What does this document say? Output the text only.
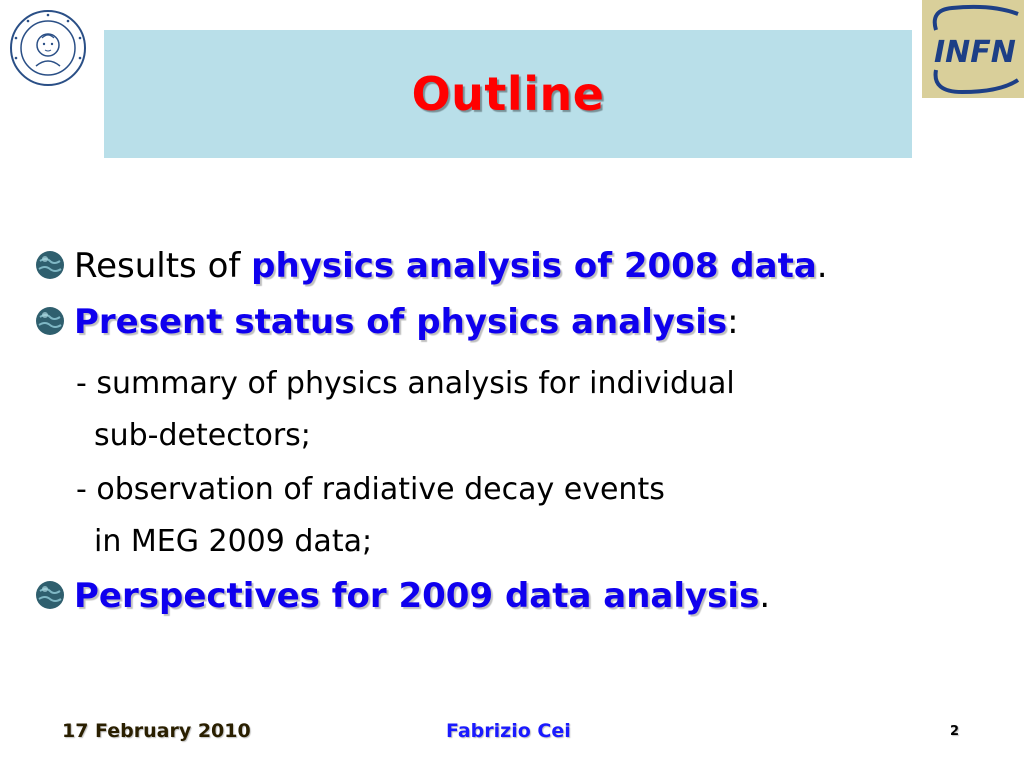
Outline
INFN
Results of physics analysis of 2008 data.
Present status of physics analysis:
- summary of physics analysis for individual
sub-detectors;
- observation of radiative decay events
in MEG 2009 data;
Perspectives for 2009 data analysis.
17 February 2010	Fabrizio Cei	2
